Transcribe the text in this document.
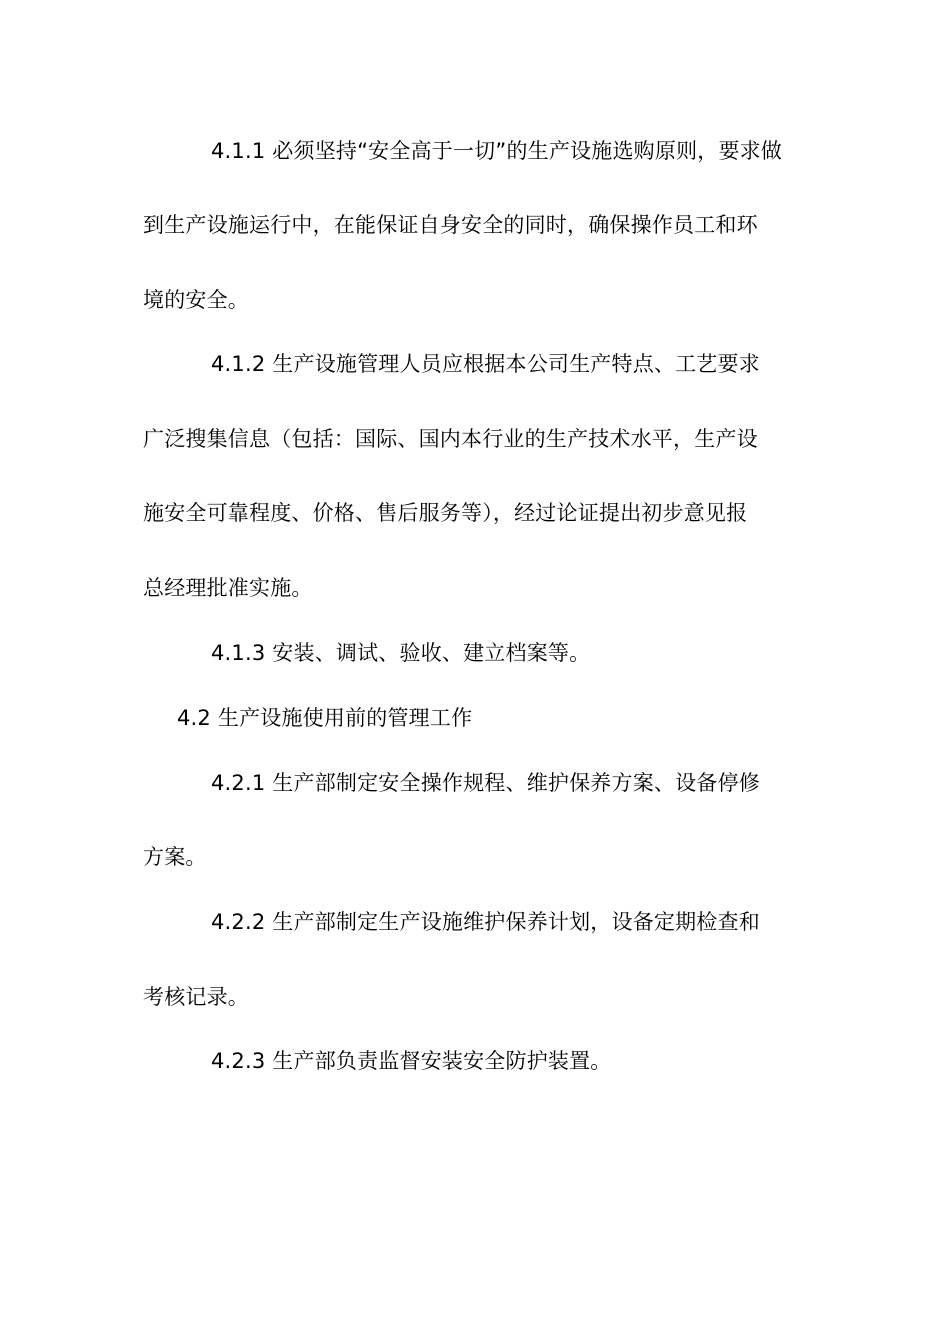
4.1.1 必须坚持“安全高于一切”的生产设施选购原则，要求做
到生产设施运行中，在能保证自身安全的同时，确保操作员工和环
境的安全。
4.1.2 生产设施管理人员应根据本公司生产特点、工艺要求
广泛搜集信息（包括：国际、国内本行业的生产技术水平，生产设
施安全可靠程度、价格、售后服务等），经过论证提出初步意见报
总经理批准实施。
4.1.3 安装、调试、验收、建立档案等。
4.2 生产设施使用前的管理工作
4.2.1 生产部制定安全操作规程、维护保养方案、设备停修
方案。
4.2.2 生产部制定生产设施维护保养计划，设备定期检查和
考核记录。
4.2.3 生产部负责监督安装安全防护装置。
